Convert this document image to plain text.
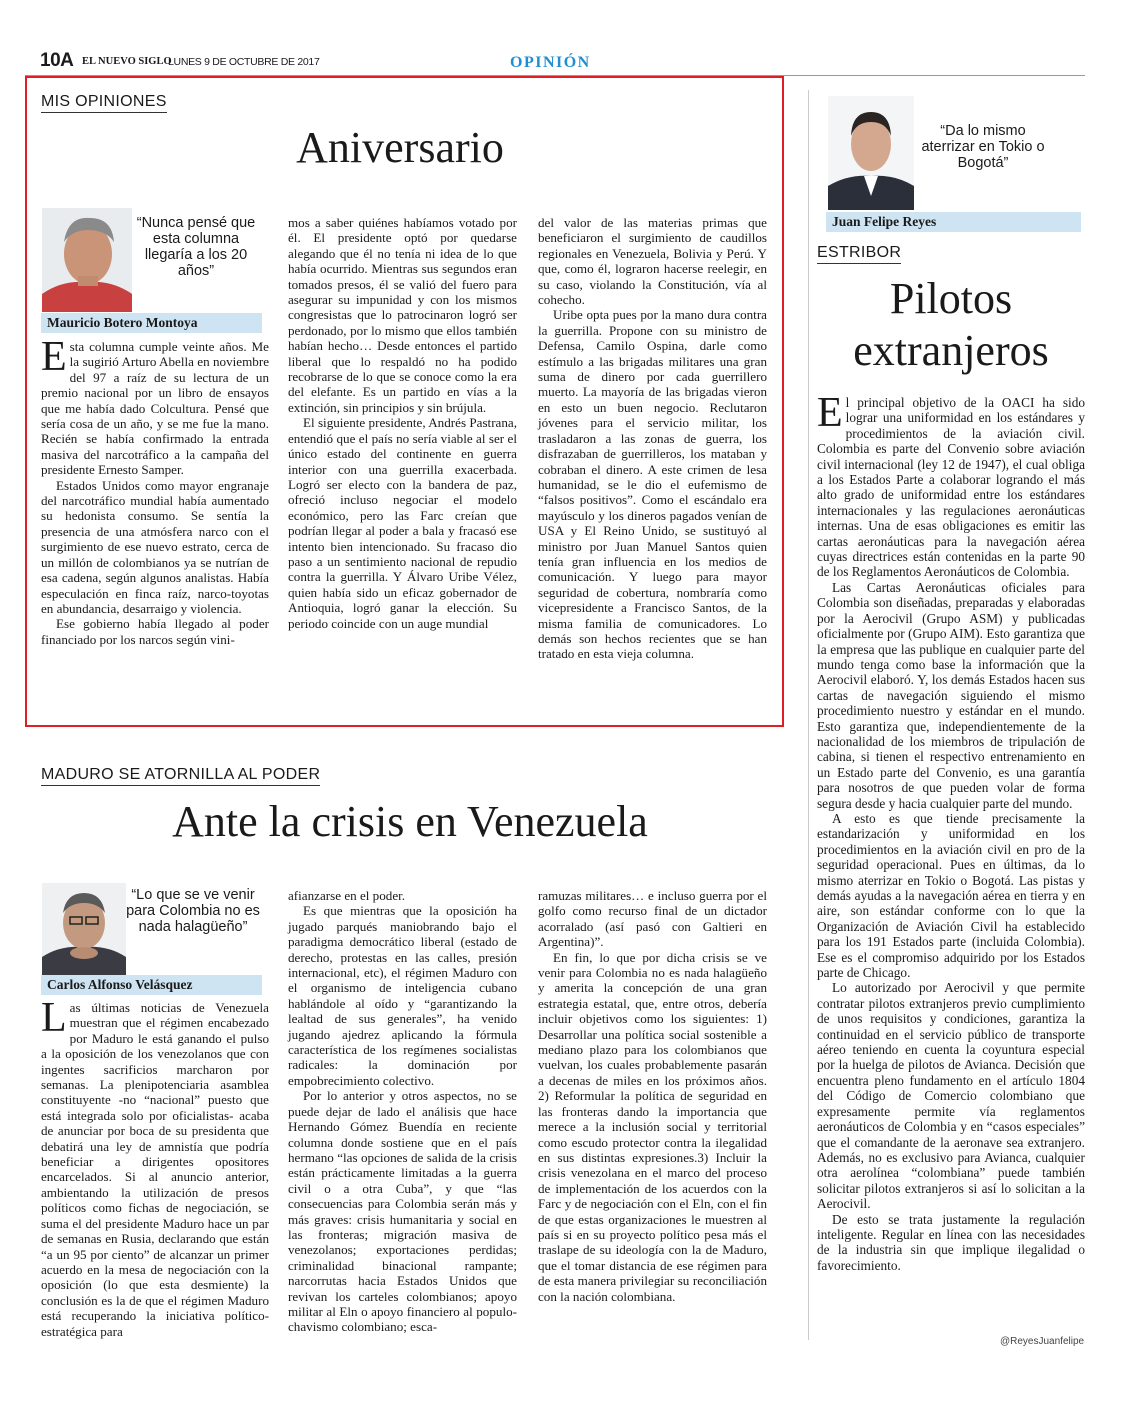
10A EL NUEVO SIGLO
LUNES 9 DE OCTUBRE DE 2017	OPINIÓN
MIS OPINIONES
Aniversario
“Nunca pensé que esta columna llegaría a los 20 años”
Mauricio Botero Montoya

Esta columna cumple veinte años. Me la sugirió Arturo Abella en noviembre del 97 a raíz de su lectura de un premio nacional por un libro de ensayos que me había dado Colcultura. Pensé que sería cosa de un año, y se me fue la mano. Recién se había confirmado la entrada masiva del narcotráfico a la campaña del presidente Ernesto Samper.

Estados Unidos como mayor engranaje del narcotráfico mundial había aumentado su hedonista consumo. Se sentía la presencia de una atmósfera narco con el surgimiento de ese nuevo estrato, cerca de un millón de colombianos ya se nutrían de esa cadena, según algunos analistas. Había especulación en finca raíz, narco-toyotas en abundancia, desarraigo y violencia.

Ese gobierno había llegado al poder financiado por los narcos según vini-

mos a saber quiénes habíamos votado por él. El presidente optó por quedarse alegando que él no tenía ni idea de lo que había ocurrido. Mientras sus segundos eran tomados presos, él se valió del fuero para asegurar su impunidad y con los mismos congresistas que lo patrocinaron logró ser perdonado, por lo mismo que ellos también habían hecho… Desde entonces el partido liberal que lo respaldó no ha podido recobrarse de lo que se conoce como la era del elefante. Es un partido en vías a la extinción, sin principios y sin brújula.

El siguiente presidente, Andrés Pastrana, entendió que el país no sería viable al ser el único estado del continente en guerra interior con una guerrilla exacerbada. Logró ser electo con la bandera de paz, ofreció incluso negociar el modelo económico, pero las Farc creían que podrían llegar al poder a bala y fracasó ese intento bien intencionado. Su fracaso dio paso a un sentimiento nacional de repudio contra la guerrilla. Y Álvaro Uribe Vélez, quien había sido un eficaz gobernador de Antioquia, logró ganar la elección. Su periodo coincide con un auge mundial

del valor de las materias primas que beneficiaron el surgimiento de caudillos regionales en Venezuela, Bolivia y Perú. Y que, como él, lograron hacerse reelegir, en su caso, violando la Constitución, vía al cohecho.

Uribe opta pues por la mano dura contra la guerrilla. Propone con su ministro de Defensa, Camilo Ospina, darle como estímulo a las brigadas militares una gran suma de dinero por cada guerrillero muerto. La mayoría de las brigadas vieron en esto un buen negocio. Reclutaron jóvenes para el servicio militar, los trasladaron a las zonas de guerra, los disfrazaban de guerrilleros, los mataban y cobraban el dinero. A este crimen de lesa humanidad, se le dio el eufemismo de “falsos positivos”. Como el escándalo era mayúsculo y los dineros pagados venían de USA y El Reino Unido, se sustituyó al ministro por Juan Manuel Santos quien tenía gran influencia en los medios de comunicación. Y luego para mayor seguridad de cobertura, nombraría como vicepresidente a Francisco Santos, de la misma familia de comunicadores. Lo demás son hechos recientes que se han tratado en esta vieja columna.

MADURO SE ATORNILLA AL PODER
Ante la crisis en Venezuela
“Lo que se ve venir para Colombia no es nada halagüeño”
Carlos Alfonso Velásquez

Las últimas noticias de Venezuela muestran que el régimen encabezado por Maduro le está ganando el pulso a la oposición de los venezolanos que con ingentes sacrificios marcharon por semanas. La plenipotenciaria asamblea constituyente -no “nacional” puesto que está integrada solo por oficialistas- acaba de anunciar por boca de su presidenta que debatirá una ley de amnistía que podría beneficiar a dirigentes opositores encarcelados. Si al anuncio anterior, ambientando la utilización de presos políticos como fichas de negociación, se suma el del presidente Maduro hace un par de semanas en Rusia, declarando que están “a un 95 por ciento” de alcanzar un primer acuerdo en la mesa de negociación con la oposición (lo que esta desmiente) la conclusión es la de que el régimen Maduro está recuperando la iniciativa político-estratégica para

afianzarse en el poder.

Es que mientras que la oposición ha jugado parqués maniobrando bajo el paradigma democrático liberal (estado de derecho, protestas en las calles, presión internacional, etc), el régimen Maduro con el organismo de inteligencia cubano hablándole al oído y “garantizando la lealtad de sus generales”, ha venido jugando ajedrez aplicando la fórmula característica de los regímenes socialistas radicales: la dominación por empobrecimiento colectivo.

Por lo anterior y otros aspectos, no se puede dejar de lado el análisis que hace Hernando Gómez Buendía en reciente columna donde sostiene que en el país hermano “las opciones de salida de la crisis están prácticamente limitadas a la guerra civil o a otra Cuba”, y que “las consecuencias para Colombia serán más y más graves: crisis humanitaria y social en las fronteras; migración masiva de venezolanos; exportaciones perdidas; criminalidad binacional rampante; narcorrutas hacia Estados Unidos que revivan los carteles colombianos; apoyo militar al Eln o apoyo financiero al populo-chavismo colombiano; esca-

ramuzas militares… e incluso guerra por el golfo como recurso final de un dictador acorralado (así pasó con Galtieri en Argentina)”.

En fin, lo que por dicha crisis se ve venir para Colombia no es nada halagüeño y amerita la concepción de una gran estrategia estatal, que, entre otros, debería incluir objetivos como los siguientes: 1) Desarrollar una política social sostenible a mediano plazo para los colombianos que vuelvan, los cuales probablemente pasarán a decenas de miles en los próximos años. 2) Reformular la política de seguridad en las fronteras dando la importancia que merece a la inclusión social y territorial como escudo protector contra la ilegalidad en sus distintas expresiones.3) Incluir la crisis venezolana en el marco del proceso de implementación de los acuerdos con la Farc y de negociación con el Eln, con el fin de que estas organizaciones le muestren al país si en su proyecto político pesa más el traslape de su ideología con la de Maduro, que el tomar distancia de ese régimen para de esta manera privilegiar su reconciliación con la nación colombiana.

“Da lo mismo aterrizar en Tokio o Bogotá”
Juan Felipe Reyes
ESTRIBOR
Pilotos
extranjeros

El principal objetivo de la OACI ha sido lograr una uniformidad en los estándares y procedimientos de la aviación civil. Colombia es parte del Convenio sobre aviación civil internacional (ley 12 de 1947), el cual obliga a los Estados Parte a colaborar logrando el más alto grado de uniformidad entre los estándares internacionales y las regulaciones aeronáuticas internas. Una de esas obligaciones es emitir las cartas aeronáuticas para la navegación aérea cuyas directrices están contenidas en la parte 90 de los Reglamentos Aeronáuticos de Colombia.

Las Cartas Aeronáuticas oficiales para Colombia son diseñadas, preparadas y elaboradas por la Aerocivil (Grupo ASM) y publicadas oficialmente por (Grupo AIM). Esto garantiza que la empresa que las publique en cualquier parte del mundo tenga como base la información que la Aerocivil elaboró. Y, los demás Estados hacen sus cartas de navegación siguiendo el mismo procedimiento nuestro y estándar en el mundo. Esto garantiza que, independientemente de la nacionalidad de los miembros de tripulación de cabina, si tienen el respectivo entrenamiento en un Estado parte del Convenio, es una garantía para nosotros de que pueden volar de forma segura desde y hacia cualquier parte del mundo.

A esto es que tiende precisamente la estandarización y uniformidad en los procedimientos en la aviación civil en pro de la seguridad operacional. Pues en últimas, da lo mismo aterrizar en Tokio o Bogotá. Las pistas y demás ayudas a la navegación aérea en tierra y en aire, son estándar conforme con lo que la Organización de Aviación Civil ha establecido para los 191 Estados parte (incluida Colombia). Ese es el compromiso adquirido por los Estados parte de Chicago.

Lo autorizado por Aerocivil y que permite contratar pilotos extranjeros previo cumplimiento de unos requisitos y condiciones, garantiza la continuidad en el servicio público de transporte aéreo teniendo en cuenta la coyuntura especial por la huelga de pilotos de Avianca. Decisión que encuentra pleno fundamento en el artículo 1804 del Código de Comercio colombiano que expresamente permite vía reglamentos aeronáuticos de Colombia y en “casos especiales” que el comandante de la aeronave sea extranjero. Además, no es exclusivo para Avianca, cualquier otra aerolínea “colombiana” puede también solicitar pilotos extranjeros si así lo solicitan a la Aerocivil.

De esto se trata justamente la regulación inteligente. Regular en línea con las necesidades de la industria sin que implique ilegalidad o favorecimiento.

@ReyesJuanfelipe
